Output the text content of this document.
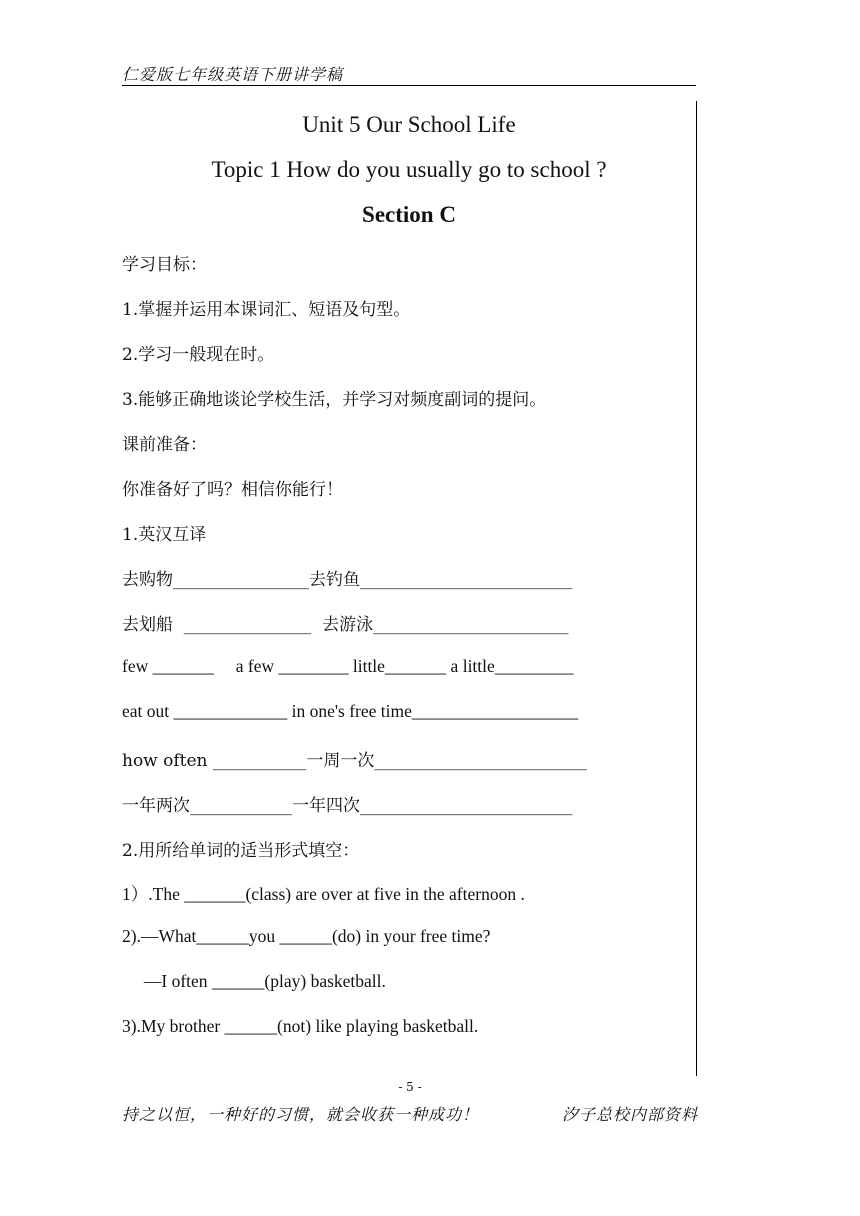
仁爱版七年级英语下册讲学稿
Unit 5 Our School Life
Topic 1 How do you usually go to school ?
Section C
学习目标：
1.掌握并运用本课词汇、短语及句型。
2.学习一般现在时。
3.能够正确地谈论学校生活，并学习对频度副词的提问。
课前准备：
你准备好了吗？相信你能行！
1.英汉互译
去购物________________去钓鱼_________________________
去划船  _______________  去游泳_______________________
few _______     a few ________ little_______ a little_________
eat out _____________ in one's free time___________________
how often ___________一周一次_________________________
一年两次____________一年四次_________________________
2.用所给单词的适当形式填空：
1）.The _______(class) are over at five in the afternoon .
2).—What______you ______(do) in your free time?
—I often ______(play) basketball.
3).My brother ______(not) like playing basketball.
- 5 -
持之以恒，一种好的习惯，就会收获一种成功！	汐子总校内部资料
